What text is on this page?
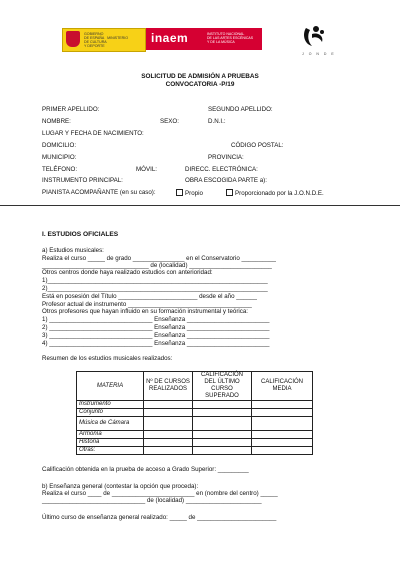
GOBIERNO
DE ESPAÑA   MINISTERIO
DE CULTURA
Y DEPORTE
inaem	INSTITUTO NACIONAL
DE LAS ARTES ESCÉNICAS
Y DE LA MÚSICA
J O N D E
SOLICITUD DE ADMISIÓN A PRUEBAS
CONVOCATORIA -P/19
PRIMER APELLIDO:	SEGUNDO APELLIDO:
NOMBRE:	SEXO:	D.N.I.:
LUGAR Y FECHA DE NACIMIENTO:
DOMICILIO:	CÓDIGO POSTAL:
MUNICIPIO:	PROVINCIA:
TELÉFONO:	MÓVIL:	DIRECC. ELECTRÓNICA:
INSTRUMENTO PRINCIPAL:	OBRA ESCOGIDA PARTE a):
PIANISTA ACOMPAÑANTE (en su caso):	Propio	Proporcionado por la J.O.N.D.E.
I. ESTUDIOS OFICIALES
a) Estudios musicales:
Realiza el curso _____ de grado _______________ en el Conservatorio __________
_______________________________ de (localidad) ________________________
Otros centros donde haya realizado estudios con anterioridad:
1)________________________________________________________________
2)________________________________________________________________
Está en posesión del Título _______________________ desde el año ______
Profesor actual de instrumento ____________________________________
Otros profesores que hayan influido en su formación instrumental y teórica:
1) ______________________________ Enseñanza ________________________
2) ______________________________ Enseñanza ________________________
3) ______________________________ Enseñanza ________________________
4) ______________________________ Enseñanza ________________________
Resumen de los estudios musicales realizados:
MATERIA	Nº DE CURSOS REALIZADOS	CALIFICACIÓN DEL ÚLTIMO CURSO SUPERADO	CALIFICACIÓN MEDIA
Instrumento			
Conjunto			
Música de Cámara			
Armonía			
Historia			
Otras:			
Calificación obtenida en la prueba de acceso a Grado Superior: _________
b) Enseñanza general (contestar la opción que proceda):
Realiza el curso ____ de ________________________ en (nombre del centro) _____
______________________________ de (localidad) ______________________
Último curso de enseñanza general realizado: _____ de _______________________
